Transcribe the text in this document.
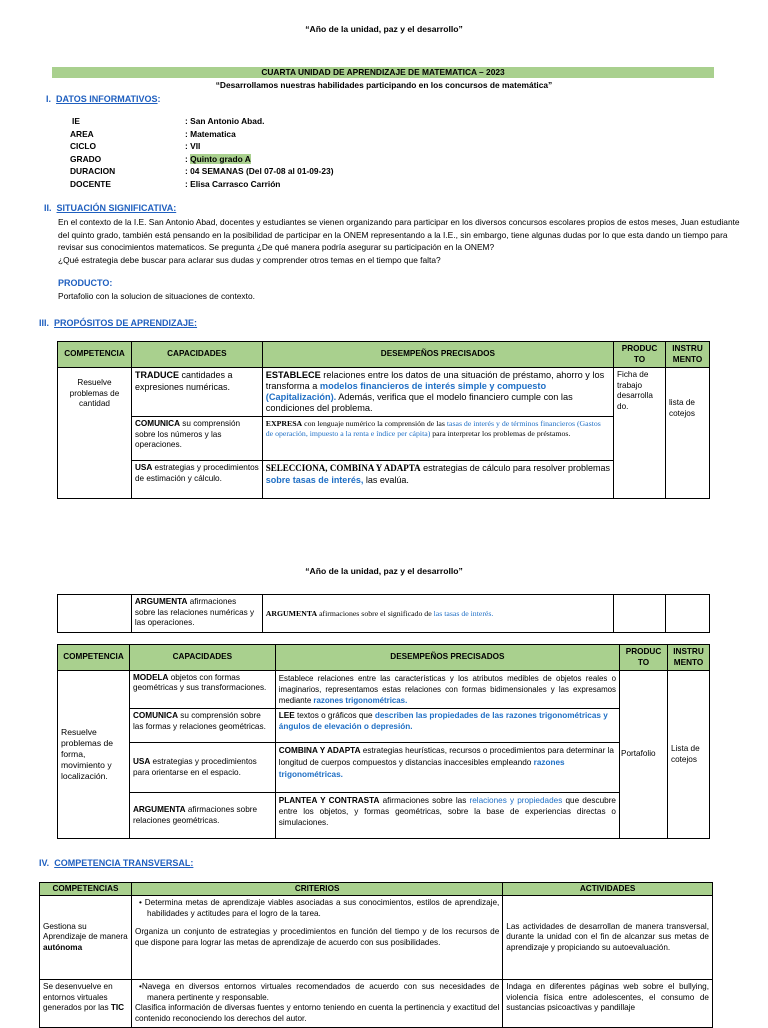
“Año de la unidad, paz y el desarrollo”
CUARTA UNIDAD DE APRENDIZAJE DE MATEMATICA – 2023
“Desarrollamos nuestras habilidades participando en los concursos de matemática”
I. DATOS INFORMATIVOS:
IE	: San Antonio Abad.
AREA	: Matematica
CICLO	: VII
GRADO	: Quinto grado A
DURACION	: 04 SEMANAS (Del 07-08 al 01-09-23)
DOCENTE	: Elisa Carrasco Carrión
II. SITUACIÓN SIGNIFICATIVA:
En el contexto de la I.E. San Antonio Abad, docentes y estudiantes se vienen organizando para participar en los diversos concursos escolares propios de estos meses, Juan estudiante del quinto grado, también está pensando en la posibilidad de participar en la ONEM representando a la I.E., sin embargo, tiene algunas dudas por lo que esta dando un tiempo para revisar sus conocimientos matematicos. Se pregunta ¿De qué manera podría asegurar su participación en la ONEM?
¿Qué estrategia debe buscar para aclarar sus dudas y comprender otros temas en el tiempo que falta?
PRODUCTO:
Portafolio con la solucion de situaciones de contexto.
III. PROPÓSITOS DE APRENDIZAJE:
COMPETENCIA	CAPACIDADES	DESEMPEÑOS PRECISADOS	PRODUC TO	INSTRU MENTO
Resuelve problemas de cantidad	TRADUCE cantidades a expresiones numéricas.	ESTABLECE relaciones entre los datos de una situación de préstamo, ahorro y los transforma a modelos financieros de interés simple y compuesto (Capitalización). Además, verifica que el modelo financiero cumple con las condiciones del problema.	Ficha de trabajo desarrolla do.	lista de cotejos
	COMUNICA su comprensión sobre los números y las operaciones.	EXPRESA con lenguaje numérico la comprensión de las tasas de interés y de términos financieros (Gastos de operación, impuesto a la renta e índice per cápita) para interpretar los problemas de préstamos.		
	USA estrategias y procedimientos de estimación y cálculo.	SELECCIONA, COMBINA Y ADAPTA estrategias de cálculo para resolver problemas sobre tasas de interés, las evalúa.		
“Año de la unidad, paz y el desarrollo”
	ARGUMENTA afirmaciones sobre las relaciones numéricas y las operaciones.	ARGUMENTA afirmaciones sobre el significado de las tasas de interés.		
COMPETENCIA	CAPACIDADES	DESEMPEÑOS PRECISADOS	PRODUC TO	INSTRU MENTO
Resuelve problemas de forma, movimiento y localización.	MODELA objetos con formas geométricas y sus transformaciones.	Establece relaciones entre las características y los atributos medibles de objetos reales o imaginarios, representamos estas relaciones con formas bidimensionales y las expresamos mediante razones trigonométricas.	Portafolio	Lista de cotejos
	COMUNICA su comprensión sobre las formas y relaciones geométricas.	LEE textos o gráficos que describen las propiedades de las razones trigonométricas y ángulos de elevación o depresión.		
	USA estrategias y procedimientos para orientarse en el espacio.	COMBINA Y ADAPTA estrategias heurísticas, recursos o procedimientos para determinar la longitud de cuerpos compuestos y distancias inaccesibles empleando razones trigonométricas.		
	ARGUMENTA afirmaciones sobre relaciones geométricas.	PLANTEA Y CONTRASTA afirmaciones sobre las relaciones y propiedades que descubre entre los objetos, y formas geométricas, sobre la base de experiencias directas o simulaciones.		
IV. COMPETENCIA TRANSVERSAL:
COMPETENCIAS	CRITERIOS	ACTIVIDADES
Gestiona su Aprendizaje de manera autónoma	• Determina metas de aprendizaje viables asociadas a sus conocimientos, estilos de aprendizaje, habilidades y actitudes para el logro de la tarea.
Organiza un conjunto de estrategias y procedimientos en función del tiempo y de los recursos de que dispone para lograr las metas de aprendizaje de acuerdo con sus posibilidades.	Las actividades de desarrollan de manera transversal, durante la unidad con el fin de alcanzar sus metas de aprendizaje y propiciando su autoevaluación.
Se desenvuelve en entornos virtuales generados por las TIC	•Navega en diversos entornos virtuales recomendados de acuerdo con sus necesidades de manera pertinente y responsable.
Clasifica información de diversas fuentes y entorno teniendo en cuenta la pertinencia y exactitud del contenido reconociendo los derechos del autor.	Indaga en diferentes páginas web sobre el bullying, violencia física entre adolescentes, el consumo de sustancias psicoactivas y pandillaje
